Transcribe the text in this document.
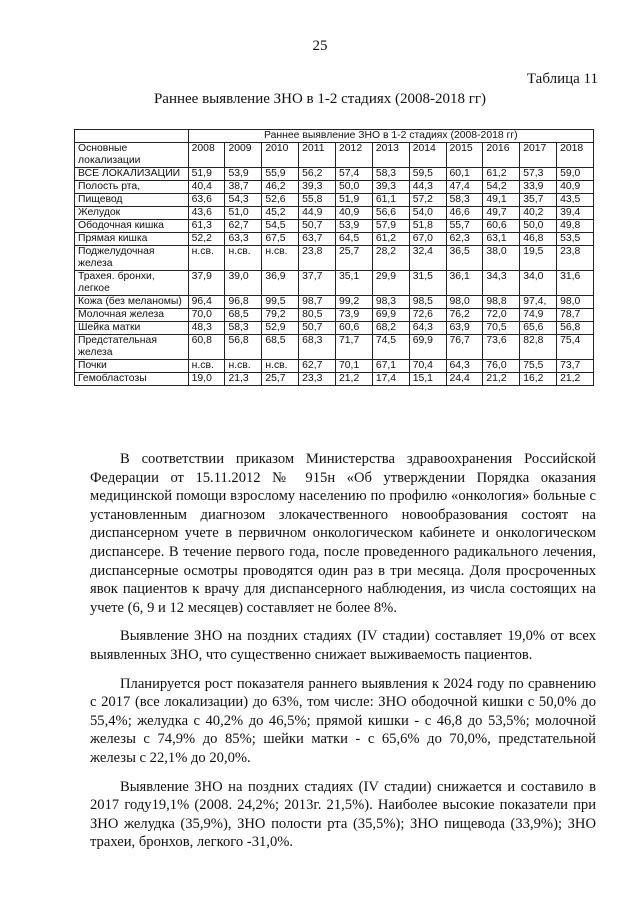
25
Таблица 11
Раннее выявление ЗНО в 1-2 стадиях (2008-2018 гг)
	Раннее выявление ЗНО в 1-2 стадиях (2008-2018 гг)										
Основные локализации	2008	2009	2010	2011	2012	2013	2014	2015	2016	2017	2018
ВСЕ ЛОКАЛИЗАЦИИ	51,9	53,9	55,9	56,2	57,4	58,3	59,5	60,1	61,2	57,3	59,0
Полость рта,	40,4	38,7	46,2	39,3	50,0	39,3	44,3	47,4	54,2	33,9	40,9
Пищевод	63,6	54,3	52,6	55,8	51,9	61,1	57,2	58,3	49,1	35,7	43,5
Желудок	43,6	51,0	45,2	44,9	40,9	56,6	54,0	46,6	49,7	40,2	39,4
Ободочная кишка	61,3	62,7	54,5	50,7	53,9	57,9	51,8	55,7	60,6	50,0	49,8
Прямая кишка	52,2	63,3	67,5	63,7	64,5	61,2	67,0	62,3	63,1	46,8	53,5
Поджелудочная железа	н.св.	н.св.	н.св.	23,8	25,7	28,2	32,4	36,5	38,0	19,5	23,8
Трахея. бронхи, легкое	37,9	39,0	36,9	37,7	35,1	29,9	31,5	36,1	34,3	34,0	31,6
Кожа (без меланомы)	96,4	96,8	99,5	98,7	99,2	98,3	98,5	98,0	98,8	97,4,	98,0
Молочная железа	70,0	68,5	79,2	80,5	73,9	69,9	72,6	76,2	72,0	74,9	78,7
Шейка матки	48,3	58,3	52,9	50,7	60,6	68,2	64,3	63,9	70,5	65,6	56,8
Предстательная железа	60,8	56,8	68,5	68,3	71,7	74,5	69,9	76,7	73,6	82,8	75,4
Почки	н.св.	н.св.	н.св.	62,7	70,1	67,1	70,4	64,3	76,0	75,5	73,7
Гемобластозы	19,0	21,3	25,7	23,3	21,2	17,4	15,1	24,4	21,2	16,2	21,2

В соответствии приказом Министерства здравоохранения Российской Федерации от 15.11.2012 № 915н «Об утверждении Порядка оказания медицинской помощи взрослому населению по профилю «онкология» больные с установленным диагнозом злокачественного новообразования состоят на диспансерном учете в первичном онкологическом кабинете и онкологическом диспансере. В течение первого года, после проведенного радикального лечения, диспансерные осмотры проводятся один раз в три месяца. Доля просроченных явок пациентов к врачу для диспансерного наблюдения, из числа состоящих на учете (6, 9 и 12 месяцев) составляет не более 8%.

Выявление ЗНО на поздних стадиях (IV стадии) составляет 19,0% от всех выявленных ЗНО, что существенно снижает выживаемость пациентов.

Планируется рост показателя раннего выявления к 2024 году по сравнению с 2017 (все локализации) до 63%, том числе: ЗНО ободочной кишки с 50,0% до 55,4%; желудка с 40,2% до 46,5%; прямой кишки - с 46,8 до 53,5%; молочной железы с 74,9% до 85%; шейки матки - с 65,6% до 70,0%, предстательной железы с 22,1% до 20,0%.

Выявление ЗНО на поздних стадиях (IV стадии) снижается и составило в 2017 году19,1% (2008. 24,2%; 2013г. 21,5%). Наиболее высокие показатели при ЗНО желудка (35,9%), ЗНО полости рта (35,5%); ЗНО пищевода (33,9%); ЗНО трахеи, бронхов, легкого -31,0%.
